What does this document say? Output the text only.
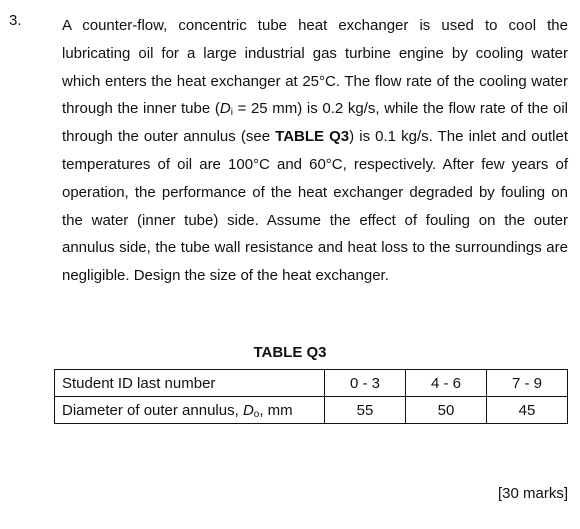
3.	A counter-flow, concentric tube heat exchanger is used to cool the lubricating oil for a large industrial gas turbine engine by cooling water which enters the heat exchanger at 25°C. The flow rate of the cooling water through the inner tube ($D_i = 25$ mm) is 0.2 kg/s, while the flow rate of the oil through the outer annulus (see TABLE Q3) is 0.1 kg/s. The inlet and outlet temperatures of oil are 100°C and 60°C, respectively. After few years of operation, the performance of the heat exchanger degraded by fouling on the water (inner tube) side. Assume the effect of fouling on the outer annulus side, the tube wall resistance and heat loss to the surroundings are negligible. Design the size of the heat exchanger.

TABLE Q3
Student ID last number	0 - 3	4 - 6	7 - 9
Diameter of outer annulus, $D_o$, mm	55	50	45
[30 marks]
